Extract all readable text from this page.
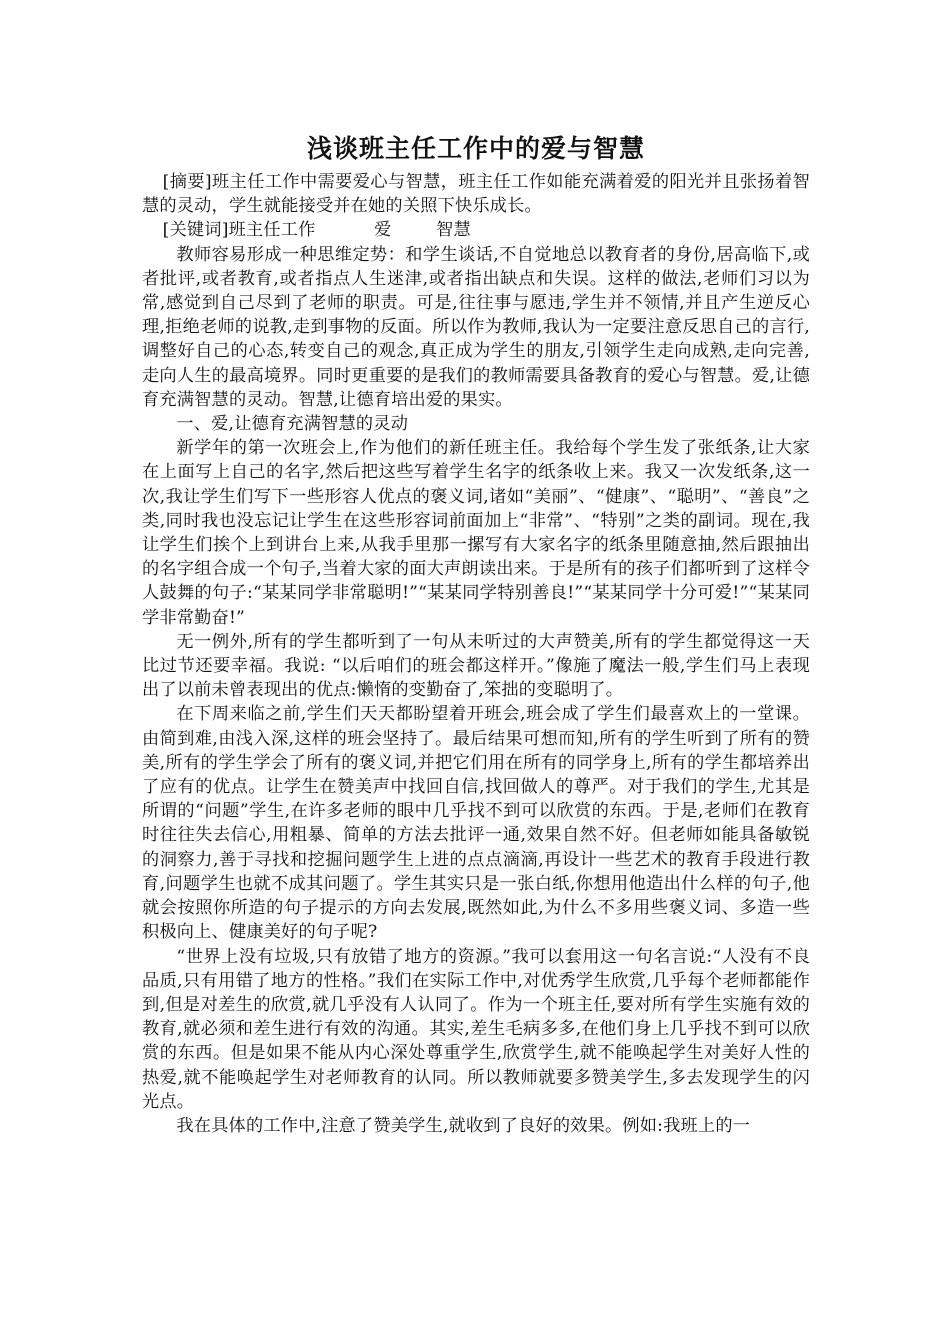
浅谈班主任工作中的爱与智慧

[摘要]班主任工作中需要爱心与智慧，班主任工作如能充满着爱的阳光并且张扬着智慧的灵动，学生就能接受并在她的关照下快乐成长。

[关键词]班主任工作	爱	智慧

教师容易形成一种思维定势：和学生谈话,不自觉地总以教育者的身份,居高临下,或者批评,或者教育,或者指点人生迷津,或者指出缺点和失误。这样的做法,老师们习以为常,感觉到自己尽到了老师的职责。可是,往往事与愿违,学生并不领情,并且产生逆反心理,拒绝老师的说教,走到事物的反面。所以作为教师,我认为一定要注意反思自己的言行,调整好自己的心态,转变自己的观念,真正成为学生的朋友,引领学生走向成熟,走向完善,走向人生的最高境界。同时更重要的是我们的教师需要具备教育的爱心与智慧。爱,让德育充满智慧的灵动。智慧,让德育培出爱的果实。

一、爱,让德育充满智慧的灵动

新学年的第一次班会上,作为他们的新任班主任。我给每个学生发了张纸条,让大家在上面写上自己的名字,然后把这些写着学生名字的纸条收上来。我又一次发纸条,这一次,我让学生们写下一些形容人优点的褒义词,诸如“美丽”、“健康”、“聪明”、“善良”之类,同时我也没忘记让学生在这些形容词前面加上“非常”、“特别”之类的副词。现在,我让学生们挨个上到讲台上来,从我手里那一摞写有大家名字的纸条里随意抽,然后跟抽出的名字组合成一个句子,当着大家的面大声朗读出来。于是所有的孩子们都听到了这样令人鼓舞的句子:“某某同学非常聪明!”“某某同学特别善良!”“某某同学十分可爱!”“某某同学非常勤奋!”

无一例外,所有的学生都听到了一句从未听过的大声赞美,所有的学生都觉得这一天比过节还要幸福。我说: “以后咱们的班会都这样开。”像施了魔法一般,学生们马上表现出了以前未曾表现出的优点:懒惰的变勤奋了,笨拙的变聪明了。

在下周来临之前,学生们天天都盼望着开班会,班会成了学生们最喜欢上的一堂课。由简到难,由浅入深,这样的班会坚持了。最后结果可想而知,所有的学生听到了所有的赞美,所有的学生学会了所有的褒义词,并把它们用在所有的同学身上,所有的学生都培养出了应有的优点。让学生在赞美声中找回自信,找回做人的尊严。对于我们的学生,尤其是所谓的“问题”学生,在许多老师的眼中几乎找不到可以欣赏的东西。于是,老师们在教育时往往失去信心,用粗暴、简单的方法去批评一通,效果自然不好。但老师如能具备敏锐的洞察力,善于寻找和挖掘问题学生上进的点点滴滴,再设计一些艺术的教育手段进行教育,问题学生也就不成其问题了。学生其实只是一张白纸,你想用他造出什么样的句子,他就会按照你所造的句子提示的方向去发展,既然如此,为什么不多用些褒义词、多造一些积极向上、健康美好的句子呢?

“世界上没有垃圾,只有放错了地方的资源。”我可以套用这一句名言说:“人没有不良品质,只有用错了地方的性格。”我们在实际工作中,对优秀学生欣赏,几乎每个老师都能作到,但是对差生的欣赏,就几乎没有人认同了。作为一个班主任,要对所有学生实施有效的教育,就必须和差生进行有效的沟通。其实,差生毛病多多,在他们身上几乎找不到可以欣赏的东西。但是如果不能从内心深处尊重学生,欣赏学生,就不能唤起学生对美好人性的热爱,就不能唤起学生对老师教育的认同。所以教师就要多赞美学生,多去发现学生的闪光点。

我在具体的工作中,注意了赞美学生,就收到了良好的效果。例如:我班上的一
